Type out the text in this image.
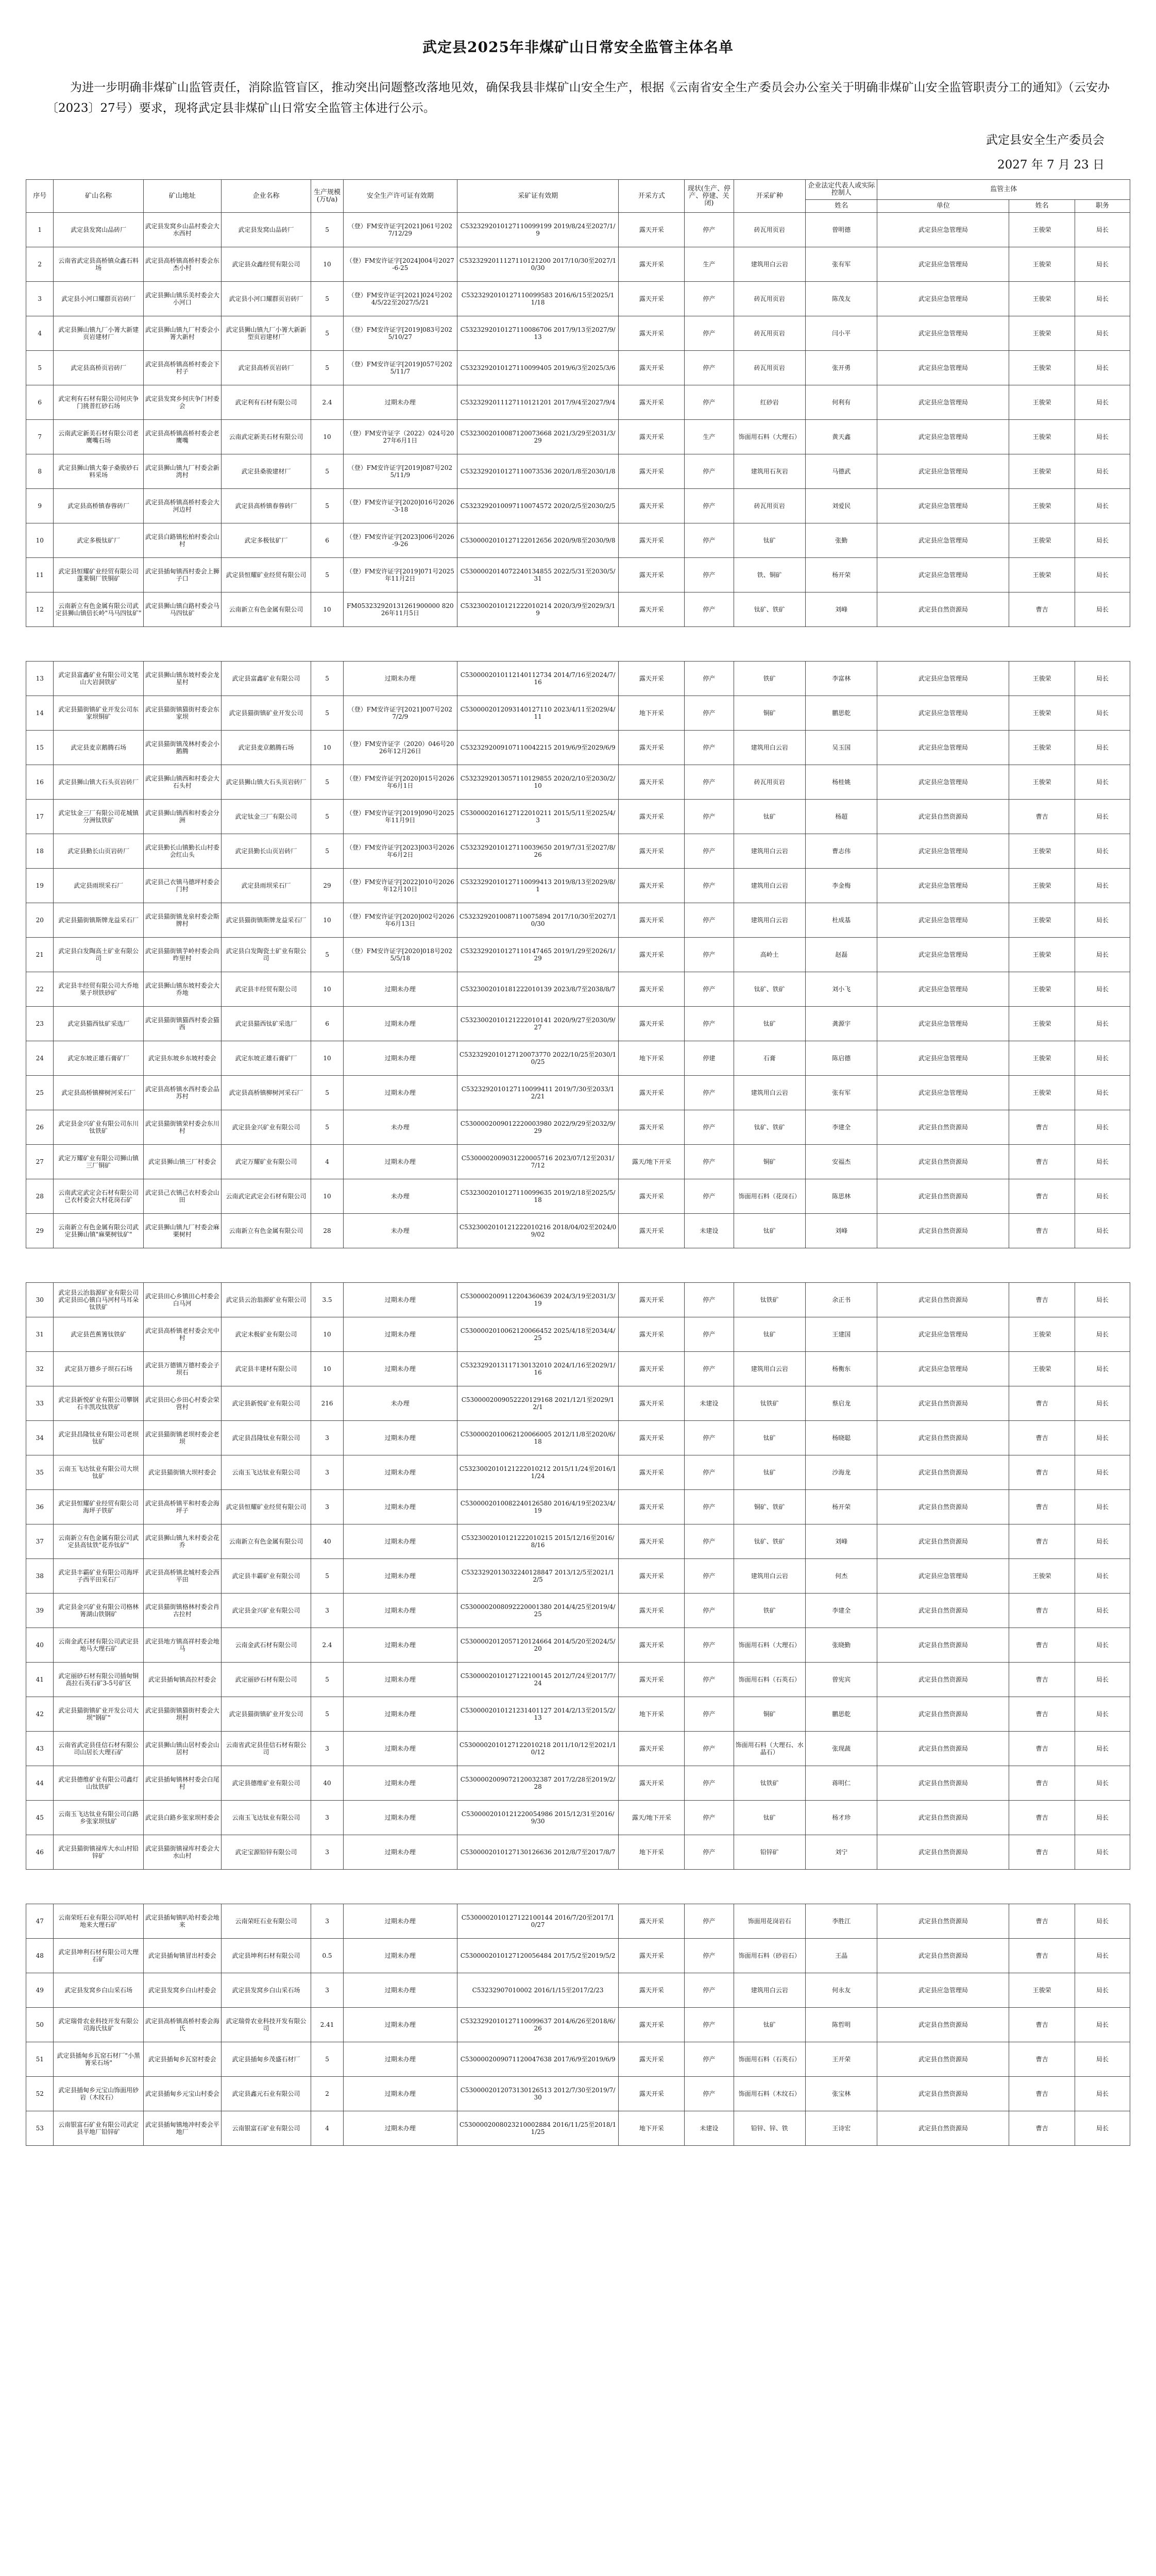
武定县2025年非煤矿山日常安全监管主体名单
为进一步明确非煤矿山监管责任，消除监管盲区，推动突出问题整改落地见效，确保我县非煤矿山安全生产，根据《云南省安全生产委员会办公室关于明确非煤矿山安全监管职责分工的通知》（云安办〔2023〕27号）要求，现将武定县非煤矿山日常安全监管主体进行公示。
武定县安全生产委员会
2027 年 7 月 23 日
序号	矿山名称	矿山地址	企业名称	生产规模(万t/a)	安全生产许可证有效期	采矿证有效期	开采方式	现状(生产、停产、停建、关闭)	开采矿种	企业法定代表人或实际控制人	监管主体		
										姓名	单位	姓名	职务
1	武定县发窝山品砖厂	武定县发窝乡山品村委会大水西村	武定县发窝山品砖厂	5	（登）FM安许证字[2021]061号2027/12/29	C5323292010127110099199 2019/8/24至2027/1/9	露天开采	停产	砖瓦用页岩	曾明德	武定县应急管理局	王骏荣	局长
2	云南省武定县高桥镇众鑫石料场	武定县高桥镇高桥村委会东杰小村	武定县众鑫经贸有限公司	10	（登）FM安许证字[2024]004号2027-6-25	C5323292011127110121200 2017/10/30至2027/10/30	露天开采	生产	建筑用白云岩	张有军	武定县应急管理局	王骏荣	局长
3	武定县小河口耀群页岩砖厂	武定县狮山镇乐美村委会大小河口	武定县小河口耀群页岩砖厂	5	（登）FM安许证字[2021]024号2024/5/22至2027/5/21	C5323292010127110099583 2016/6/15至2025/11/18	露天开采	停产	砖瓦用页岩	陈茂友	武定县应急管理局	王骏荣	局长
4	武定县狮山镇九厂小箐大新建页岩建材厂	武定县狮山镇九厂村委会小箐大新村	武定县狮山镇九厂小箐大新新型页岩建材厂	5	（登）FM安许证字[2019]083号2025/10/27	C5323292010127110086706 2017/9/13至2027/9/13	露天开采	停产	砖瓦用页岩	闫小平	武定县应急管理局	王骏荣	局长
5	武定县高桥页岩砖厂	武定县高桥镇高桥村委会下村子	武定县高桥页岩砖厂	5	（登）FM安许证字[2019]057号2025/11/7	C5323292010127110099405 2019/6/3至2025/3/6	露天开采	停产	砖瓦用页岩	张开勇	武定县应急管理局	王骏荣	局长
6	武定利有石材有限公司何庆争门挑普红砂石场	武定县发窝乡何庆争门村委会	武定利有石材有限公司	2.4	过期未办理	C5323292011127110121201 2017/9/4至2027/9/4	露天开采	停产	红砂岩	何利有	武定县应急管理局	王骏荣	局长
7	云南武定新美石材有限公司老鹰嘴石场	武定县高桥镇高桥村委会老鹰嘴	云南武定新美石材有限公司	10	（登）FM安许证字（2022）024号2027年6月1日	C5323002010087120073668 2021/3/29至2031/3/29	露天开采	生产	饰面用石料（大理石）	黄天鑫	武定县应急管理局	王骏荣	局长
8	武定县狮山镇大秦子桑骏砂石料采场	武定县狮山镇九厂村委会新湾村	武定县桑骏建材厂	5	（登）FM安许证字[2019]087号2025/11/9	C5323292010127110073536 2020/1/8至2030/1/8	露天开采	停产	建筑用石灰岩	马德武	武定县应急管理局	王骏荣	局长
9	武定县高桥镇春蓉砖厂	武定县高桥镇高桥村委会大河边村	武定县高桥镇春蓉砖厂	5	（登）FM安许证字[2020]016号2026-3-18	C5323292010097110074572 2020/2/5至2030/2/5	露天开采	停产	砖瓦用页岩	刘爱民	武定县应急管理局	王骏荣	局长
10	武定多极钛矿厂	武定县白路镇松柏村委会山村	武定多极钛矿厂	6	（登）FM安许证字[2023]006号2026-9-26	C5300002010127122012656 2020/9/8至2030/9/8	露天开采	停产	钛矿	张勤	武定县应急管理局	王骏荣	局长
11	武定县恒耀矿业经贸有限公司蓬莱铜厂铁铜矿	武定县插甸镇西村委会上狮子口	武定县恒耀矿业经贸有限公司	5	（登）FM安许证字[2019]071号2025年11月2日	C5300002014072240134855 2022/5/31至2030/5/31	露天开采	停产	铁、铜矿	杨开荣	武定县应急管理局	王骏荣	局长
12	云南新立有色金属有限公司武定县狮山镇倍长岭"马马四钛矿"	武定县狮山镇白路村委会马马四钛矿	云南新立有色金属有限公司	10	FM053232920131261900000 82026年11月5日	C5323002010121222010214 2020/3/9至2029/3/19	露天开采	停产	钛矿、铁矿	刘峰	武定县自然资源局	曹吉	局长

13	武定县富鑫矿业有限公司文笔山大岩洞铁矿	武定县狮山镇东坡村委会龙星村	武定县富鑫矿业有限公司	5	过期未办理	C5300002010112140112734 2014/7/16至2024/7/16	露天开采	停产	铁矿	李富林	武定县应急管理局	王骏荣	局长
14	武定县猫街镇矿业开发公司东家坝铜矿	武定县猫街镇猫街村委会东家坝	武定县猫街镇矿业开发公司	5	（登）FM安许证字[2021]007号2027/2/9	C5300002012093140127110 2023/4/11至2029/4/11	地下开采	停产	铜矿	鹏思乾	武定县应急管理局	王骏荣	局长
15	武定县麦京鹅腾石场	武定县猫街镇茂林村委会小鹅腾	武定县麦京鹅腾石场	10	（登）FM安许证字（2020）046号2026年12月26日	C5323292009107110042215 2019/6/9至2029/6/9	露天开采	停产	建筑用白云岩	吴玉国	武定县应急管理局	王骏荣	局长
16	武定县狮山镇大石头页岩砖厂	武定县狮山镇西和村委会大石头村	武定县狮山镇大石头页岩砖厂	5	（登）FM安许证字[2020]015号2026年6月1日	C5323292013057110129855 2020/2/10至2030/2/10	露天开采	停产	砖瓦用页岩	杨桂姚	武定县应急管理局	王骏荣	局长
17	武定钛金三厂有限公司花城镇分洲钛铁矿	武定县狮山镇西和村委会分洲	武定钛金三厂有限公司	5	（登）FM安许证字[2019]090号2025年11月9日	C5300002016127122010211 2015/5/11至2025/4/3	露天开采	停产	钛矿	杨超	武定县自然资源局	曹吉	局长
18	武定县勤长山页岩砖厂	武定县勤长山镇勤长山村委会红山头	武定县勤长山页岩砖厂	5	（登）FM安许证字[2023]003号2026年6月2日	C5323292010127110039650 2019/7/31至2027/8/26	露天开采	停产	建筑用白云岩	曹志伟	武定县应急管理局	王骏荣	局长
19	武定县雨坝采石厂	武定县己衣镇马德坪村委会门村	武定县雨坝采石厂	29	（登）FM安许证字[2022]010号2026年12月10日	C5323292010127110099413 2019/8/13至2029/8/1	露天开采	停产	建筑用白云岩	李金梅	武定县应急管理局	王骏荣	局长
20	武定县猫街镇斯牌龙益采石厂	武定县猫街镇龙泉村委会斯牌村	武定县猫街镇斯牌龙益采石厂	10	（登）FM安许证字[2020]002号2026年6月13日	C5323292010087110075894 2017/10/30至2027/10/30	露天开采	停产	建筑用白云岩	杜成基	武定县应急管理局	王骏荣	局长
21	武定县白发陶高土矿业有限公司	武定县猫街镇芋岭村委会尚昨里村	武定县白发陶瓷土矿业有限公司	5	（登）FM安许证字[2020]018号2025/5/18	C5323292010127110147465 2019/1/29至2026/1/29	露天开采	停产	高岭土	赵磊	武定县应急管理局	王骏荣	局长
22	武定县丰经贸有限公司大乔地果子坝铁砂矿	武定县狮山镇东坡村委会大乔地	武定县丰经贸有限公司	10	过期未办理	C5323002010181222010139 2023/8/7至2038/8/7	露天开采	停产	钛矿、铁矿	刘小飞	武定县应急管理局	王骏荣	局长
23	武定县猫西钛矿采选厂	武定县猫街镇猫西村委会猫西	武定县猫西钛矿采选厂	6	过期未办理	C5323002010121222010141 2020/9/27至2030/9/27	露天开采	停产	钛矿	龚源宇	武定县应急管理局	王骏荣	局长
24	武定东坡正雄石膏矿厂	武定县东坡乡东坡村委会	武定东坡正雄石膏矿厂	10	过期未办理	C5323292010127120073770 2022/10/25至2030/10/25	地下开采	停建	石膏	陈启德	武定县应急管理局	王骏荣	局长
25	武定县高桥镇柳树河采石厂	武定县高桥镇水西村委会品苏村	武定县高桥镇柳树河采石厂	5	过期未办理	C5323292010127110099411 2019/7/30至2033/12/21	露天开采	停产	建筑用白云岩	张有军	武定县应急管理局	王骏荣	局长
26	武定县金兴矿业有限公司东川钛铁矿	武定县猫街镇荣村委会东川村	武定县金兴矿业有限公司	5	未办理	C5300002009012220003980 2022/9/29至2032/9/29	露天开采	停产	钛矿、铁矿	李建全	武定县自然资源局	曹吉	局长
27	武定万耀矿业有限公司狮山镇三厂铜矿	武定县狮山镇三厂村委会	武定万耀矿业有限公司	4	过期未办理	C5300002009031220005716 2023/07/12至2031/7/12	露天/地下开采	停产	铜矿	安福杰	武定县自然资源局	曹吉	局长
28	云南武定武定会石材有限公司己衣村委会大村花岗石矿	武定县己衣镇己衣村委会山田	云南武定武定会石材有限公司	10	未办理	C5323002010127110099635 2019/2/18至2025/5/18	露天开采	停产	饰面用石料（花岗石）	陈思林	武定县自然资源局	曹吉	局长
29	云南新立有色金属有限公司武定县狮山镇"麻栗树钛矿"	武定县狮山镇九厂村委会麻栗树村	云南新立有色金属有限公司	28	未办理	C5323002010121222010216 2018/04/02至2024/09/02	露天开采	未建设	钛矿	刘峰	武定县自然资源局	曹吉	局长

30	武定县云治翁源矿业有限公司武定县田心镇白马河村马耳朵钛铁矿	武定县田心乡镇田心村委会白马河	武定县云治翁源矿业有限公司	3.5	过期未办理	C5300002009112204360639 2024/3/19至2031/3/19	露天开采	停产	钛铁矿	余正书	武定县自然资源局	曹吉	局长
31	武定县芭蕉箐钛铁矿	武定县高桥镇老村委会光中村	武定未极矿业有限公司	10	过期未办理	C5300002010062120066452 2025/4/18至2034/4/25	露天开采	停产	钛矿	王建国	武定县应急管理局	王骏荣	局长
32	武定县万德乡子坝石石场	武定县万德镇万德村委会子坝石	武定县丰建材有限公司	10	过期未办理	C5323292013117130132010 2024/1/16至2029/1/16	露天开采	停产	建筑用白云岩	杨衡东	武定县应急管理局	王骏荣	局长
33	武定县新悦矿业有限公司攀钢石丰凯攻钛铁矿	武定县田心乡田心村委会荣营村	武定县新悦矿业有限公司	216	未办理	C5300002009052220129168 2021/12/1至2029/12/1	露天开采	未建设	钛铁矿	蔡启龙	武定县自然资源局	曹吉	局长
34	武定县昌隆钛业有限公司老坝钛矿	武定县猫街镇老坝村委会老坝	武定县昌隆钛业有限公司	3	过期未办理	C5300002010062120066005 2012/11/8至2020/6/18	露天开采	停产	钛矿	杨晓聪	武定县自然资源局	曹吉	局长
35	云南玉飞达钛业有限公司大坝钛矿	武定县猫街镇大坝村委会	云南玉飞达钛业有限公司	3	过期未办理	C5323002010121222010212 2015/11/24至2016/11/24	露天开采	停产	钛矿	沙海龙	武定县自然资源局	曹吉	局长
36	武定县恒耀矿业经贸有限公司海坪子铁矿	武定县高桥镇平和村委会海坪子	武定县恒耀矿业经贸有限公司	3	过期未办理	C5300002010082240126580 2016/4/19至2023/4/19	露天开采	停产	铜矿、铁矿	杨开荣	武定县自然资源局	曹吉	局长
37	云南新立有色金属有限公司武定县高钛铁"花乔钛矿"	武定县狮山镇九米村委会花乔	云南新立有色金属有限公司	40	过期未办理	C5323002010121222010215 2015/12/16至2016/8/16	露天开采	停产	钛矿、铁矿	刘峰	武定县自然资源局	曹吉	局长
38	武定县丰霸矿业有限公司海坪子西平田采石厂	武定县高桥镇北城村委会西平田	武定县丰霸矿业有限公司	5	过期未办理	C5323292013032240128847 2013/12/5至2021/12/5	露天开采	停产	建筑用白云岩	何杰	武定县应急管理局	王骏荣	局长
39	武定县金兴矿业有限公司格林箐湖山铁钢矿	武定县猫街镇格林村委会肖古拉村	武定县金兴矿业有限公司	3	过期未办理	C5300002008092220001380 2014/4/25至2019/4/25	露天开采	停产	铁矿	李建全	武定县自然资源局	曹吉	局长
40	云南金武石材有限公司武定县地马大理石矿	武定县地方镇高祥村委会地马	云南金武石材有限公司	2.4	过期未办理	C5300002012057120124664 2014/5/20至2024/5/20	露天开采	停产	饰面用石料（大理石）	张晓勤	武定县自然资源局	曹吉	局长
41	武定丽砂石材有限公司插甸铜高拉石英石矿3-5号矿区	武定县插甸镇高拉村委会	武定丽砂石材有限公司	5	过期未办理	C5300002010127122100145 2012/7/24至2017/7/24	露天开采	停产	饰面用石料（石英石）	曾宪宾	武定县自然资源局	曹吉	局长
42	武定县猫街镇矿业开发公司大坝"钢矿"	武定县猫街镇猫街村委会大坝村	武定县猫街镇矿业开发公司	5	过期未办理	C5300002010121231401127 2014/2/13至2015/2/13	地下开采	停产	铜矿	鹏思乾	武定县自然资源局	曹吉	局长
43	云南省武定县佳信石材有限公司山居长大理石矿	武定县狮山镇山居村委会山居村	云南省武定县佳信石材有限公司	3	过期未办理	C5300002010127122010218 2011/10/12至2021/10/12	露天开采	停产	饰面用石料（大理石、水晶石）	张现蔬	武定县自然资源局	曹吉	局长
44	武定县德维矿业有限公司鑫灯山钛铁矿	武定县插甸镇林村委会白尾村	武定县德维矿业有限公司	40	过期未办理	C5300002009072120032387 2017/2/28至2019/2/28	露天开采	停产	钛铁矿	蒋明仁	武定县自然资源局	曹吉	局长
45	云南玉飞达钛业有限公司白路乡张家坝钛矿	武定县白路乡张家坝村委会	云南玉飞达钛业有限公司	3	过期未办理	C5300002010121220054986 2015/12/31至2016/9/30	露天/地下开采	停产	钛矿	杨才珍	武定县自然资源局	曹吉	局长
46	武定县猫街镇禄库大水山村铅锌矿	武定县猫街镇禄库村委会大水山村	武定宝源铅锌有限公司	3	过期未办理	C5300002010127130126636 2012/8/7至2017/8/7	地下开采	停产	铅锌矿	刘宁	武定县自然资源局	曹吉	局长

47	云南荣旺石业有限公司叭哈村地来大理石矿	武定县插甸镇叭哈村委会地来	云南荣旺石业有限公司	3	过期未办理	C5300002010127122100144 2016/7/20至2017/10/27	露天开采	停产	饰面用花岗岩石	李胜江	武定县自然资源局	曹吉	局长
48	武定县坤利石材有限公司大理石矿	武定县插甸镇冒出村委会	武定县坤利石材有限公司	0.5	过期未办理	C5300002010127120056484 2017/5/2至2019/5/2	露天开采	停产	饰面用石料（砂岩石）	王晶	武定县自然资源局	曹吉	局长
49	武定县发窝乡白山采石场	武定县发窝乡白山村委会	武定县发窝乡白山采石场	3	过期未办理	C53232907010002 2016/1/15至2017/2/23	露天开采	停产	建筑用白云岩	何永友	武定县应急管理局	王骏荣	局长
50	武定瑞骨农业科技开发有限公司海氏钛矿	武定县高桥镇高桥村委会海氏	武定瑞骨农业科技开发有限公司	2.41	过期未办理	C5323292010127110099637 2014/6/26至2018/6/26	露天开采	停产	钛矿	陈哲明	武定县自然资源局	曹吉	局长
51	武定县插甸乡瓦窑石材厂"小黑箐采石场"	武定县插甸乡瓦窑村委会	武定县插甸乡茂盛石材厂	5	过期未办理	C5300002009071120047638 2017/6/9至2019/6/9	露天开采	停产	饰面用石料（石英石）	王开荣	武定县自然资源局	曹吉	局长
52	武定县插甸乡元宝山饰面用砂岩（木纹石）	武定县插甸乡元宝山村委会	武定县鑫元石业有限公司	2	过期未办理	C5300002012073130126513 2012/7/30至2019/7/30	露天开采	停产	饰面用石料（木纹石）	张宝林	武定县自然资源局	曹吉	局长
53	云南银富石矿业有限公司武定县平地厂铅锌矿	武定县插甸镇地冲村委会平地厂	云南银富石矿业有限公司	4	过期未办理	C5300002008023210002884 2016/11/25至2018/11/25	地下开采	未建设	铅锌、锌、铁	王诗宏	武定县自然资源局	曹吉	局长
